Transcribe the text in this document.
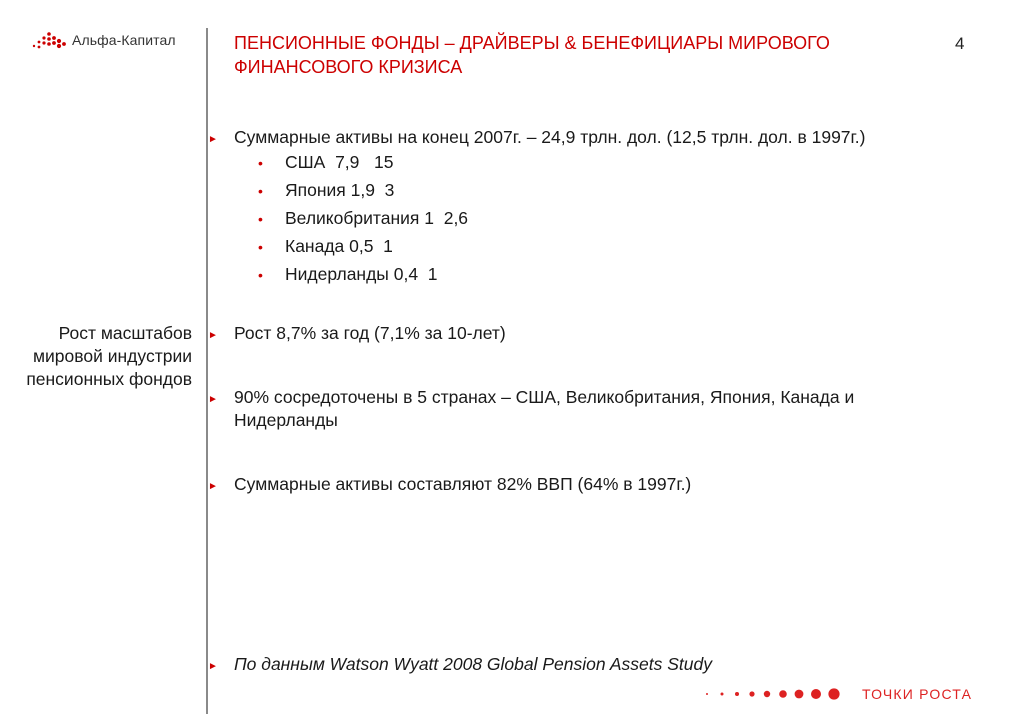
Альфа-Капитал	ПЕНСИОННЫЕ ФОНДЫ – ДРАЙВЕРЫ & БЕНЕФИЦИАРЫ МИРОВОГО ФИНАНСОВОГО КРИЗИСА
4
Рост масштабов мировой индустрии пенсионных фондов
► Суммарные активы на конец 2007г. – 24,9 трлн. дол. (12,5 трлн. дол. в 1997г.)
•	США  7,9   15
•	Япония 1,9  3
•	Великобритания 1  2,6
•	Канада 0,5  1
•	Нидерланды 0,4  1
► Рост 8,7% за год (7,1% за 10-лет)
► 90% сосредоточены в 5 странах – США, Великобритания, Япония, Канада и Нидерланды
► Суммарные активы составляют 82% ВВП (64% в 1997г.)
► По данным Watson Wyatt 2008 Global Pension Assets Study
ТОЧКИ РОСТА
